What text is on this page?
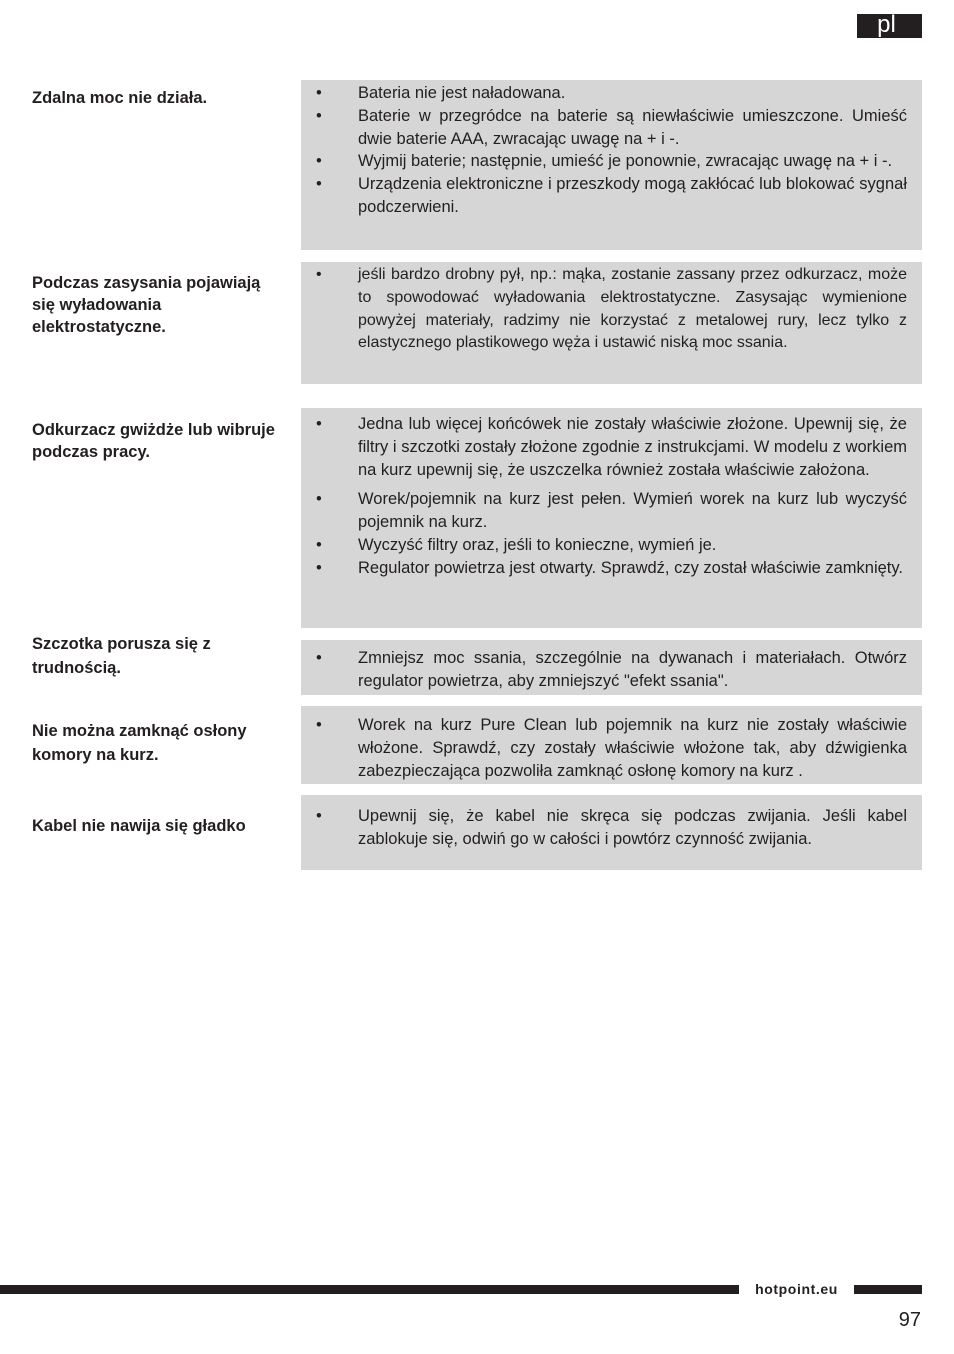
pl
Zdalna moc nie działa.	• Bateria nie jest naładowana.
• Baterie w przegródce na baterie są niewłaściwie umieszczone. Umieść dwie baterie AAA, zwracając uwagę na + i -.
• Wyjmij baterie; następnie, umieść je ponownie, zwracając uwagę na + i -.
• Urządzenia elektroniczne i przeszkody mogą zakłócać lub blokować sygnał podczerwieni.
Podczas zasysania pojawiają się wyładowania elektrostatyczne.
• jeśli bardzo drobny pył, np.: mąka, zostanie zassany przez odkurzacz, może to spowodować wyładowania elektrostatyczne. Zasysając wymienione powyżej materiały, radzimy nie korzystać z metalowej rury, lecz tylko z elastycznego plastikowego węża i ustawić niską moc ssania.
Odkurzacz gwiżdże lub wibruje podczas pracy.
• Jedna lub więcej końcówek nie zostały właściwie złożone. Upewnij się, że filtry i szczotki zostały złożone zgodnie z instrukcjami. W modelu z workiem na kurz upewnij się, że uszczelka również została właściwie założona.
• Worek/pojemnik na kurz jest pełen. Wymień worek na kurz lub wyczyść pojemnik na kurz.
• Wyczyść filtry oraz, jeśli to konieczne, wymień je.
• Regulator powietrza jest otwarty. Sprawdź, czy został właściwie zamknięty.
Szczotka porusza się z trudnością.
• Zmniejsz moc ssania, szczególnie na dywanach i materiałach. Otwórz regulator powietrza, aby zmniejszyć "efekt ssania".
Nie można zamknąć osłony komory na kurz.
• Worek na kurz Pure Clean lub pojemnik na kurz nie zostały właściwie włożone. Sprawdź, czy zostały właściwie włożone tak, aby dźwigienka zabezpieczająca pozwoliła zamknąć osłonę komory na kurz .
Kabel nie nawija się gładko
• Upewnij się, że kabel nie skręca się podczas zwijania. Jeśli kabel zablokuje się, odwiń go w całości i powtórz czynność zwijania.
hotpoint.eu
97
